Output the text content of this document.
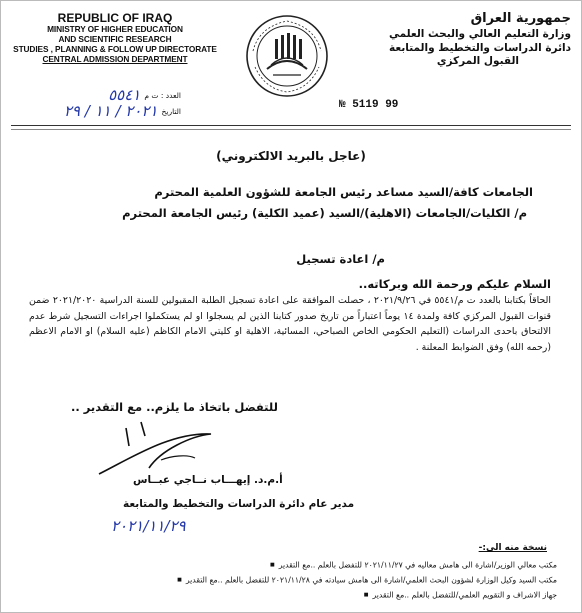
REPUBLIC OF IRAQ
MINISTRY OF HIGHER EDUCATION
AND SCIENTIFIC RESEARCH
STUDIES , PLANNING & FOLLOW UP DIRECTORATE
CENTRAL ADMISSION DEPARTMENT
العدد : ت م
٥٥٤١
التاريخ
٢٠٢١ / ١١ / ٢٩	№ 5119 99
جمهورية العراق
وزارة التعليم العالي والبحث العلمي
دائرة الدراسات والتخطيط والمتابعة
القبول المركزي
(عاجل بالبريد الالكتروني)
الجامعات كافة/السيد مساعد رئيس الجامعة للشؤون العلمية المحترم
م/ الكليات/الجامعات (الاهلية)/السيد (عميد الكلية) رئيس الجامعة المحترم
م/ اعادة تسجيل
السلام عليكم ورحمة الله وبركاته..
الحاقاً بكتابنا بالعدد ت م/٥٥٤١ في ٢٠٢١/٩/٢٦ ، حصلت الموافقة على اعادة تسجيل الطلبة المقبولين للسنة الدراسية ٢٠٢١/٢٠٢٠ ضمن قنوات القبول المركزي كافة ولمدة ١٤ يوماً اعتباراً من تاريخ صدور كتابنا الذين لم يسجلوا او لم يستكملوا اجراءات التسجيل شرط عدم الالتحاق باحدى الدراسات (التعليم الحكومي الخاص الصباحي، المسائية، الاهلية او كليتي الامام الكاظم (عليه السلام) او الامام الاعظم (رحمه الله) وفق الضوابط المعلنة .
للتفضل باتخاذ ما يلزم.. مع التقدير ..
أ.م.د. إيهـــاب نــاجي عبــاس
مدير عام دائرة الدراسات والتخطيط والمتابعة
٢٠٢١/١١/٢٩
نسخة منه الى:-
مكتب معالي الوزير/اشارة الى هامش معاليه في ٢٠٢١/١١/٢٧ للتفضل بالعلم ..مع التقدير ■
مكتب السيد وكيل الوزارة لشؤون البحث العلمي/اشارة الى هامش سيادته في ٢٠٢١/١١/٢٨ للتفضل بالعلم ..مع التقدير ■
جهاز الاشراف و التقويم العلمي/للتفضل بالعلم ..مع التقدير ■
